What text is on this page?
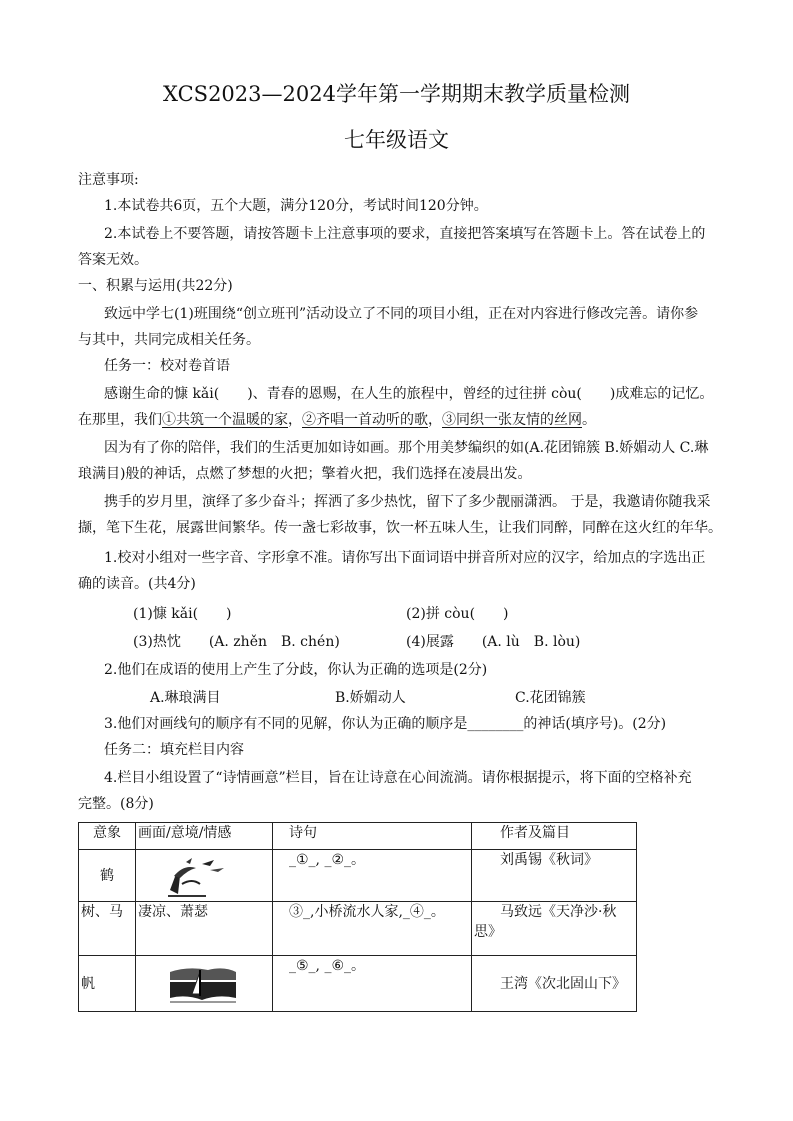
XCS2023—2024学年第一学期期末教学质量检测
七年级语文
注意事项:
1.本试卷共6页，五个大题，满分120分，考试时间120分钟。
2.本试卷上不要答题，请按答题卡上注意事项的要求，直接把答案填写在答题卡上。答在试卷上的
答案无效。
一、积累与运用(共22分)
致远中学七(1)班围绕“创立班刊”活动设立了不同的项目小组，正在对内容进行修改完善。请你参
与其中，共同完成相关任务。
任务一：校对卷首语
感谢生命的慷 kǎi(　　)、青春的恩赐，在人生的旅程中，曾经的过往拼 còu(　　)成难忘的记忆。
在那里，我们①共筑一个温暖的家，②齐唱一首动听的歌，③同织一张友情的丝网。
因为有了你的陪伴，我们的生活更加如诗如画。那个用美梦编织的如(A.花团锦簇 B.娇媚动人 C.琳
琅满目)般的神话，点燃了梦想的火把；擎着火把，我们选择在凌晨出发。
携手的岁月里，演绎了多少奋斗；挥洒了多少热忱，留下了多少靓丽潇洒。 于是，我邀请你随我采
撷，笔下生花，展露世间繁华。传一盏七彩故事，饮一杯五味人生，让我们同醉，同醉在这火红的年华。
1.校对小组对一些字音、字形拿不准。请你写出下面词语中拼音所对应的汉字，给加点的字选出正
确的读音。(共4分)
(1)慷 kǎi(　　)	(2)拼 còu(　　)
(3)热忱　　(A. zhěn　B. chén)	(4)展露　　(A. lù　B. lòu)
2.他们在成语的使用上产生了分歧，你认为正确的选项是(2分)
A.琳琅满目	B.娇媚动人	C.花团锦簇
3.他们对画线句的顺序有不同的见解，你认为正确的顺序是________的神话(填序号)。(2分)
任务二：填充栏目内容
4.栏目小组设置了“诗情画意”栏目，旨在让诗意在心间流淌。请你根据提示，将下面的空格补充
完整。(8分)
意象	画面/意境/情感	诗句	作者及篇目
鹤		_①_, _②_。	刘禹锡《秋词》
树、马	凄凉、萧瑟	③_,小桥流水人家,_④_。	马致远《天净沙·秋
思》

帆		_⑤_, _⑥_。	王湾《次北固山下》
